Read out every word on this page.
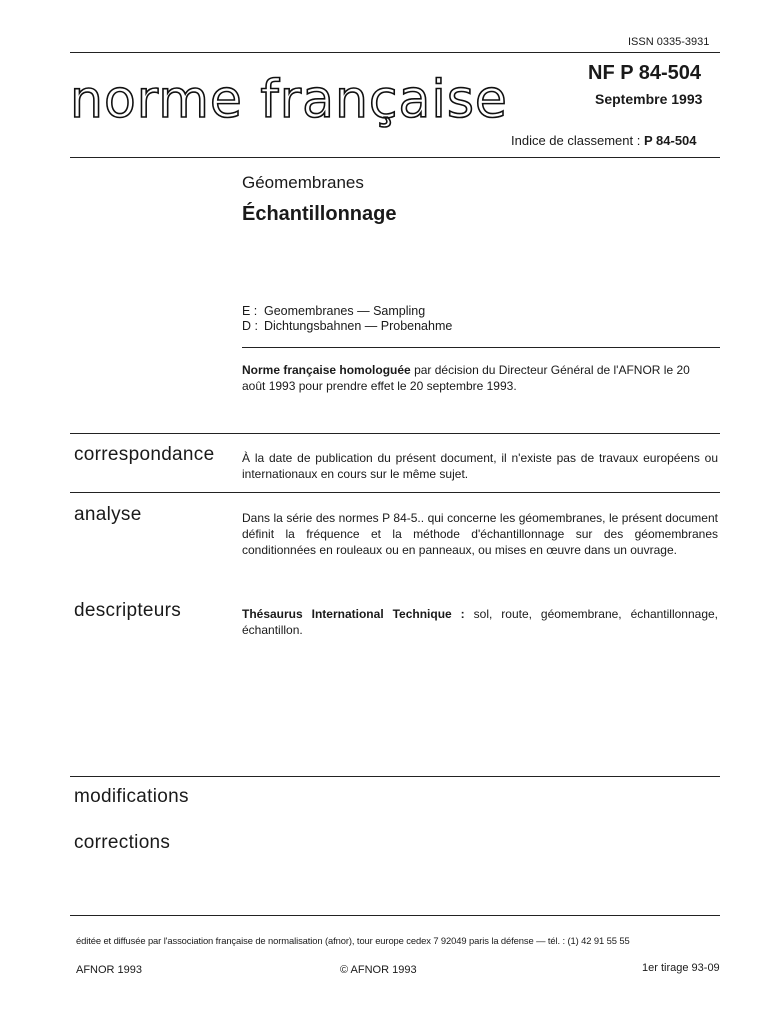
ISSN 0335-3931
norme française	NF P 84-504
Septembre 1993
Indice de classement : P 84-504
Géomembranes
Échantillonnage
E : Geomembranes — Sampling
D : Dichtungsbahnen — Probenahme
Norme française homologuée par décision du Directeur Général de l'AFNOR le 20 août 1993 pour prendre effet le 20 septembre 1993.
correspondance À la date de publication du présent document, il n'existe pas de travaux européens ou internationaux en cours sur le même sujet.
analyse	Dans la série des normes P 84-5.. qui concerne les géomembranes, le présent document définit la fréquence et la méthode d'échantillonnage sur des géomembranes conditionnées en rouleaux ou en panneaux, ou mises en œuvre dans un ouvrage.
descripteurs	Thésaurus International Technique : sol, route, géomembrane, échantillonnage, échantillon.
modifications
corrections
éditée et diffusée par l'association française de normalisation (afnor), tour europe cedex 7 92049 paris la défense — tél. : (1) 42 91 55 55
AFNOR 1993	© AFNOR 1993	1er tirage 93-09
